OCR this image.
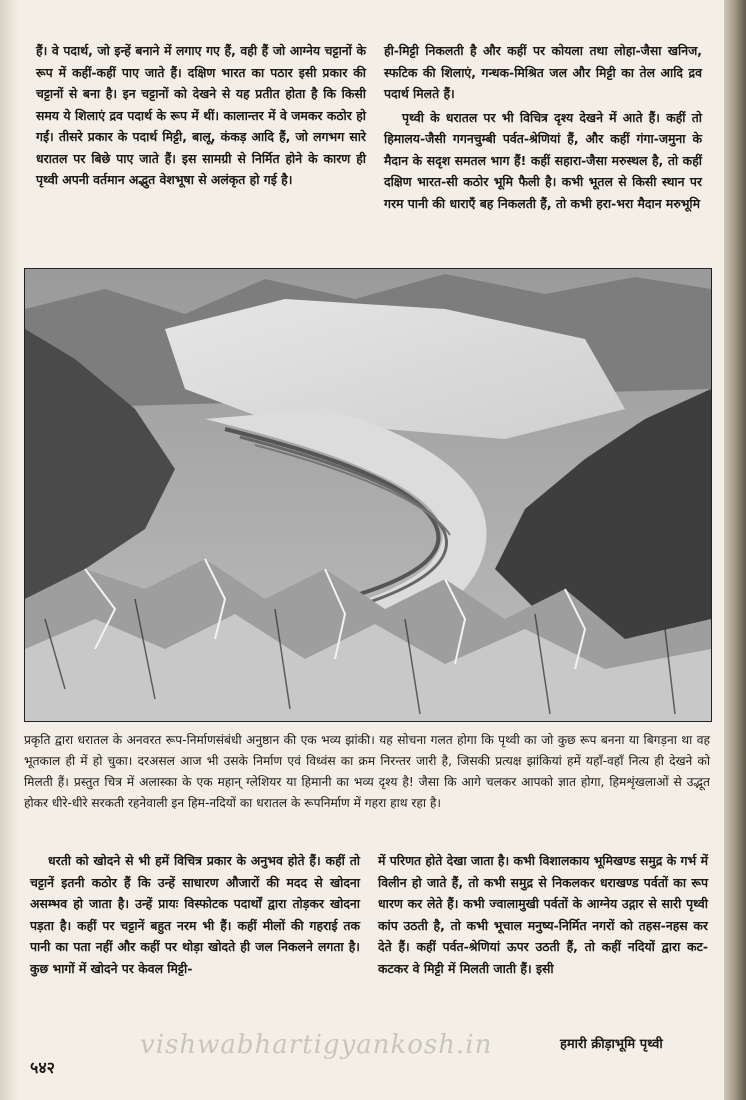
हैं। वे पदार्थ, जो इन्हें बनाने में लगाए गए हैं, वही हैं जो आग्नेय चट्टानों के रूप में कहीं-कहीं पाए जाते हैं। दक्षिण भारत का पठार इसी प्रकार की चट्टानों से बना है। इन चट्टानों को देखने से यह प्रतीत होता है कि किसी समय ये शिलाएं द्रव पदार्थ के रूप में थीं। कालान्तर में वे जमकर कठोर हो गईं। तीसरे प्रकार के पदार्थ मिट्टी, बालू, कंकड़ आदि हैं, जो लगभग सारे धरातल पर बिछे पाए जाते हैं। इस सामग्री से निर्मित होने के कारण ही पृथ्वी अपनी वर्तमान अद्भुत वेशभूषा से अलंकृत हो गई है।

ही-मिट्टी निकलती है और कहीं पर कोयला तथा लोहा-जैसा खनिज, स्फटिक की शिलाएं, गन्धक-मिश्रित जल और मिट्टी का तेल आदि द्रव पदार्थ मिलते हैं।

पृथ्वी के धरातल पर भी विचित्र दृश्य देखने में आते हैं। कहीं तो हिमालय-जैसी गगनचुम्बी पर्वत-श्रेणियां हैं, और कहीं गंगा-जमुना के मैदान के सदृश समतल भाग हैं! कहीं सहारा-जैसा मरुस्थल है, तो कहीं दक्षिण भारत-सी कठोर भूमि फैली है। कभी भूतल से किसी स्थान पर गरम पानी की धाराएँ बह निकलती हैं, तो कभी हरा-भरा मैदान मरुभूमि

प्रकृति द्वारा धरातल के अनवरत रूप-निर्माणसंबंधी अनुष्ठान की एक भव्य झांकी। यह सोचना गलत होगा कि पृथ्वी का जो कुछ रूप बनना या बिगड़ना था वह भूतकाल ही में हो चुका। दरअसल आज भी उसके निर्माण एवं विध्वंस का क्रम निरन्तर जारी है, जिसकी प्रत्यक्ष झांकियां हमें यहाँ-वहाँ नित्य ही देखने को मिलती हैं। प्रस्तुत चित्र में अलास्का के एक महान् ग्लेशियर या हिमानी का भव्य दृश्य है! जैसा कि आगे चलकर आपको ज्ञात होगा, हिमशृंखलाओं से उद्भूत होकर धीरे-धीरे सरकती रहनेवाली इन हिम-नदियों का धरातल के रूपनिर्माण में गहरा हाथ रहा है।

धरती को खोदने से भी हमें विचित्र प्रकार के अनुभव होते हैं। कहीं तो चट्टानें इतनी कठोर हैं कि उन्हें साधारण औजारों की मदद से खोदना असम्भव हो जाता है। उन्हें प्रायः विस्फोटक पदार्थों द्वारा तोड़कर खोदना पड़ता है। कहीं पर चट्टानें बहुत नरम भी हैं। कहीं मीलों की गहराई तक पानी का पता नहीं और कहीं पर थोड़ा खोदते ही जल निकलने लगता है। कुछ भागों में खोदने पर केवल मिट्टी-

में परिणत होते देखा जाता है। कभी विशालकाय भूमिखण्ड समुद्र के गर्भ में विलीन हो जाते हैं, तो कभी समुद्र से निकलकर धराखण्ड पर्वतों का रूप धारण कर लेते हैं। कभी ज्वालामुखी पर्वतों के आग्नेय उद्गार से सारी पृथ्वी कांप उठती है, तो कभी भूचाल मनुष्य-निर्मित नगरों को तहस-नहस कर देते हैं। कहीं पर्वत-श्रेणियां ऊपर उठती हैं, तो कहीं नदियों द्वारा कट-कटकर वे मिट्टी में मिलती जाती हैं। इसी

vishwabhartigyankosh.in
५४२
हमारी क्रीड़ाभूमि पृथ्वी
